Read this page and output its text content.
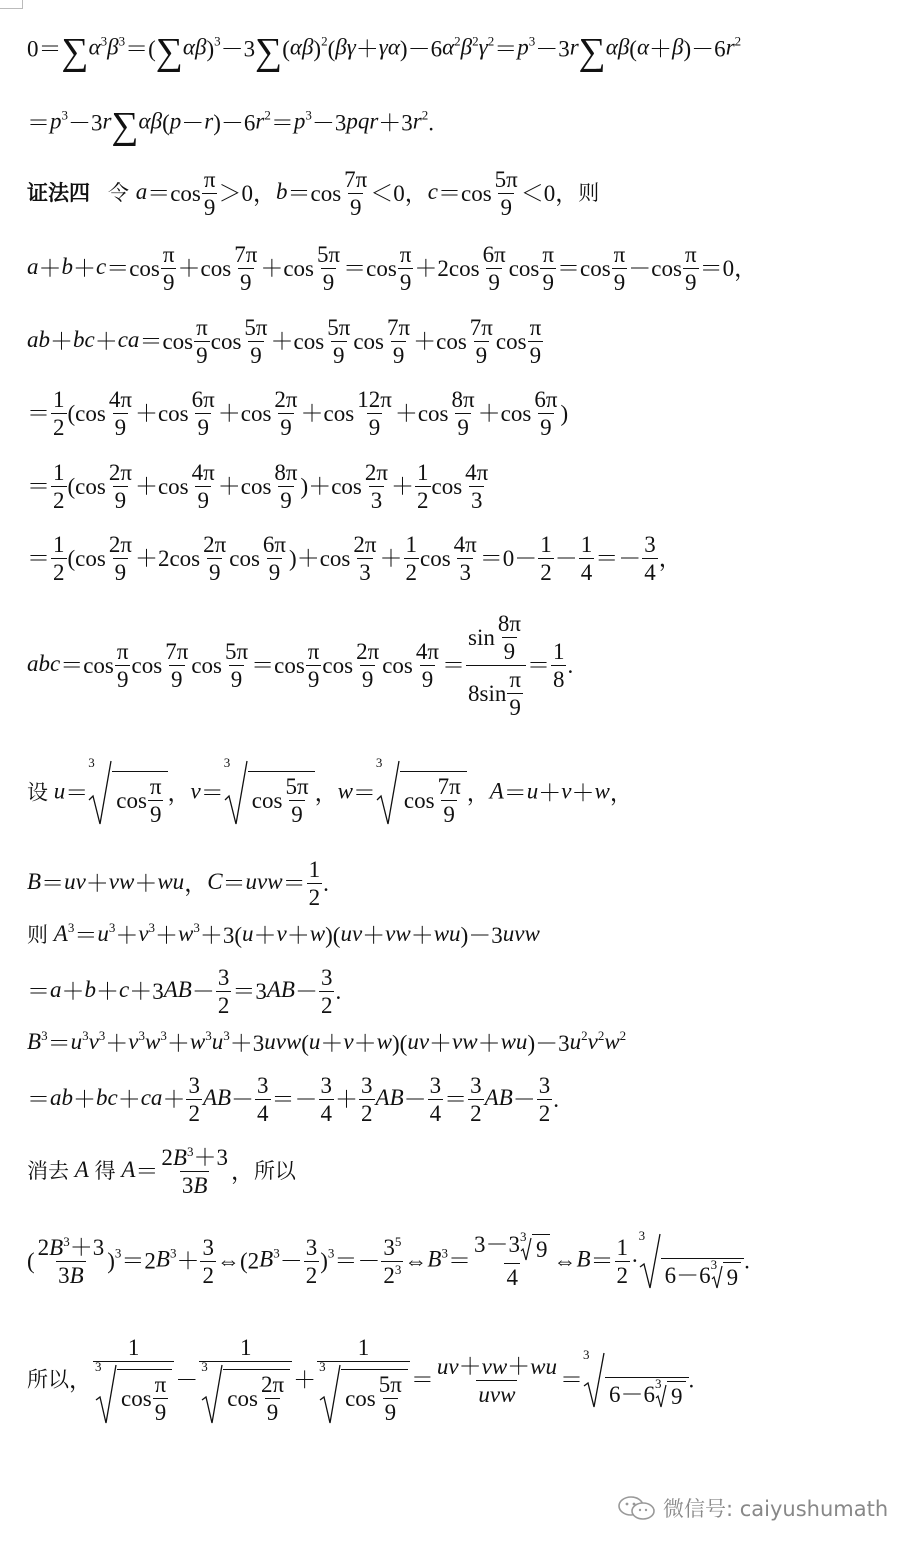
$0=\sum\alpha^3\beta^3=(\sum\alpha\beta)^3-3\sum(\alpha\beta)^2(\beta\gamma+\gamma\alpha)-6\alpha^2\beta^2\gamma^2=p^3-3r\sum\alpha\beta(\alpha+\beta)-6r^2$
$=p^3-3r\sum\alpha\beta(p-r)-6r^2=p^3-3pqr+3r^2$.
证法四 令 $a=\cos \frac{\pi}{9} >0$，$b=\cos \frac{7\pi}{9} <0$，$c=\cos \frac{5\pi}{9} <0$，则
$a+b+c=\cos \frac{\pi}{9} +\cos \frac{7\pi}{9} +\cos \frac{5\pi}{9} =\cos \frac{\pi}{9} +2\cos \frac{6\pi}{9}$ $\cos \frac{\pi}{9} =\cos \frac{\pi}{9} -\cos \frac{\pi}{9} =0$，
$ab+bc+ca=\cos \frac{\pi}{9}$ $\cos \frac{5\pi}{9} +\cos \frac{5\pi}{9}$ $\cos \frac{7\pi}{9} +\cos \frac{7\pi}{9}$ $\cos \frac{\pi}{9}$
＝ $\frac{1}{2} (\cos \frac{4\pi}{9} +\cos \frac{6\pi}{9} +\cos \frac{2\pi}{9} +\cos \frac{12\pi}{9} +\cos \frac{8\pi}{9} +\cos \frac{6\pi}{9}$ )
＝ $\frac{1}{2} (\cos \frac{2\pi}{9} +\cos \frac{4\pi}{9} +\cos \frac{8\pi}{9} )+\cos \frac{2\pi}{3} + \frac{1}{2}$ $\cos \frac{4\pi}{3}$
＝ $\frac{1}{2} (\cos \frac{2\pi}{9} +2\cos \frac{2\pi}{9}$ $\cos \frac{6\pi}{9} )+\cos \frac{2\pi}{3} + \frac{1}{2}$ $\cos \frac{4\pi}{3} =0- \frac{1}{2} - \frac{1}{4} =- \frac{3}{4}$ ，
$abc=\cos \frac{\pi}{9}$ $\cos \frac{7\pi}{9}$ $\cos \frac{5\pi}{9} =\cos \frac{\pi}{9}$ $\cos \frac{2\pi}{9}$ $\cos \frac{4\pi}{9} = \frac{\sin \frac{8\pi}{9}}{8\sin \frac{\pi}{9}} = \frac{1}{8}$ .
设 u＝
3
cos
π
9
，v＝
3
cos
5π
9
，w＝
3
cos
7π
9
，A＝u＋v＋w，
B＝uv＋vw＋wu，$C=uvw= \frac{1}{2}$ .
则 $A^3=u^3+v^3+w^3+3(u+v+w)(uv+vw+wu)-3uvw$
$=a+b+c+3AB- \frac{3}{2} =3AB- \frac{3}{2}$ .
$B^3=u^3v^3+v^3w^3+w^3u^3+3uvw(u+v+w)(uv+vw+wu)-3u^2v^2w^2$
$=ab+bc+ca+ \frac{3}{2} AB- \frac{3}{4} =- \frac{3}{4} + \frac{3}{2} AB- \frac{3}{4} = \frac{3}{2} AB- \frac{3}{2}$ .
消去 A 得 $A= \frac{2B^3+3}{3B}$ ，所以
( $\frac{2B^3+3}{3B} )^3=2B^3+ \frac{3}{2}$ $\Leftrightarrow(2B^3- \frac{3}{2} )^3=- \frac{3^5}{2^3}$ $\Leftrightarrow B^3= 3-3$ 3
9
4 ⇔B＝ $\frac{1}{2}$ ·
3
6－6 3
9
.
所以， 1
3
cos
π
9 － 1
3
cos
2π
9 ＋ 1
3
cos
5π
9 ＝
uv＋vw＋wu
uvw
＝
3
6－6 3
9
.
微信号: caiyushumath
